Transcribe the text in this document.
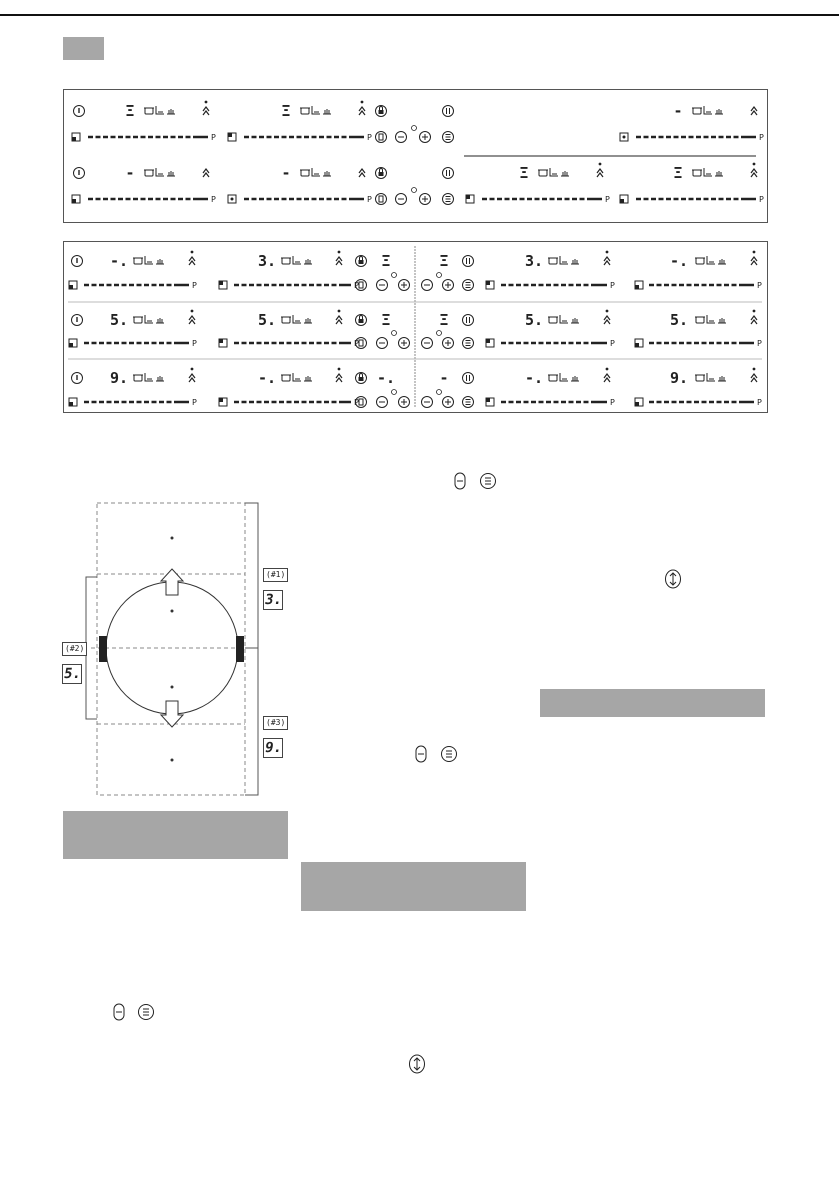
Ξ
P
Ξ
P
-
P
-
P
-
P
Ξ
P
Ξ
P
-.
P
3.
P
Ξ	Ξ	3.
P
-.
P
5.
P
5.
P
Ξ	Ξ	5.
P
5.
P
9.
P
-.
P
-.	-	-.
P
9.
P
(#1)
3.
(#2)
5.
(#3)
9.
